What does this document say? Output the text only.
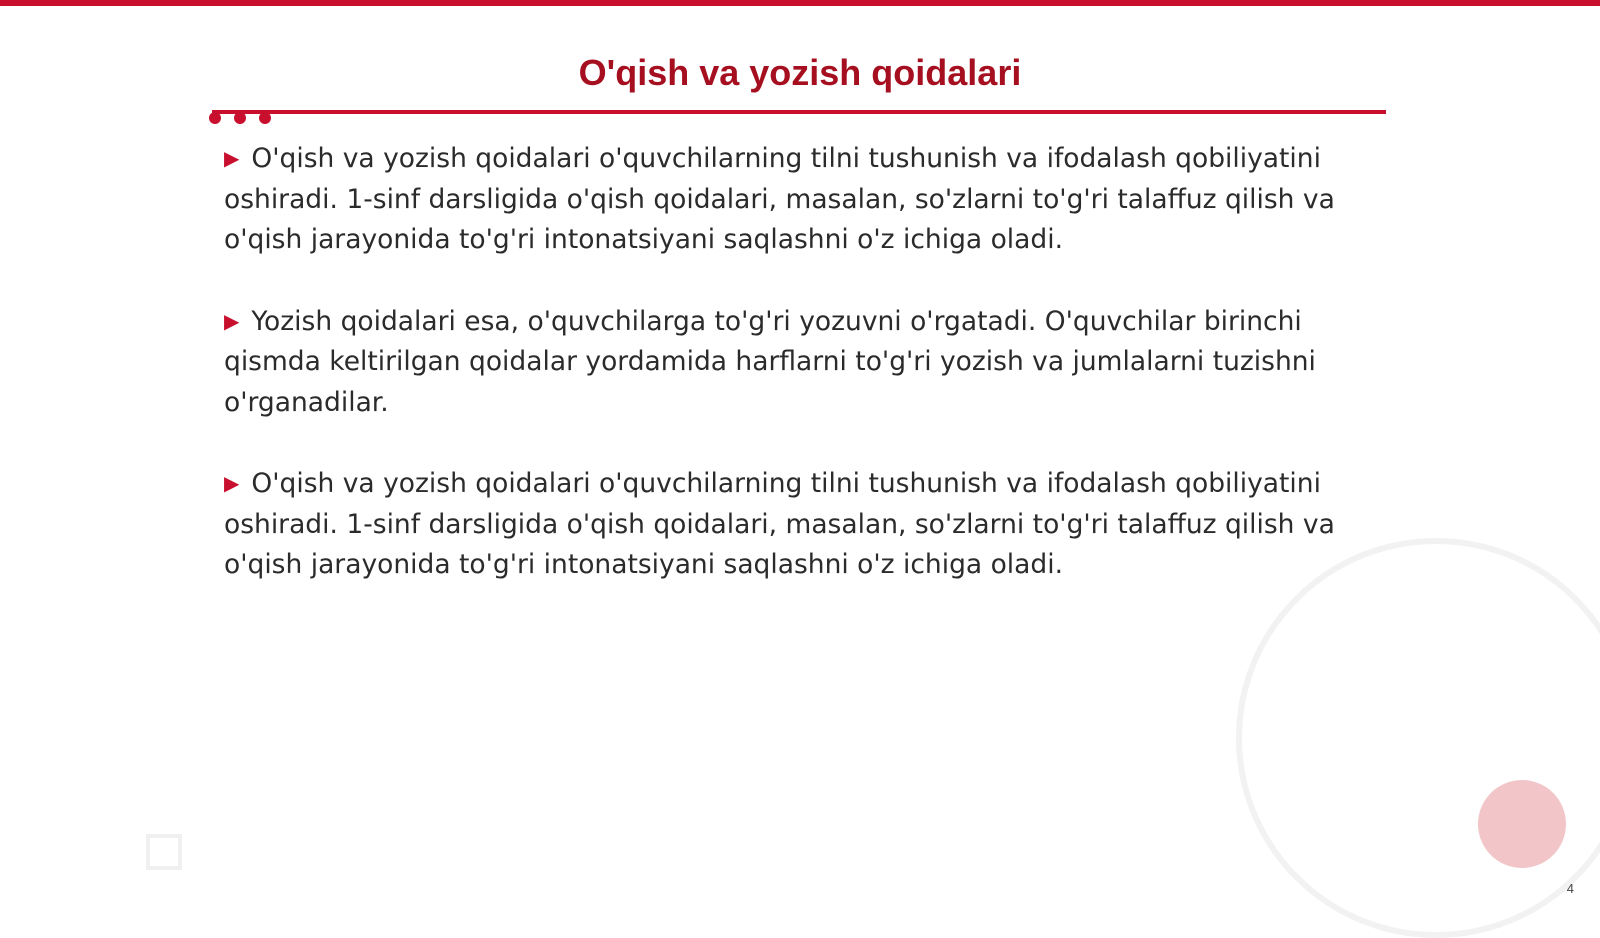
O'qish va yozish qoidalari

▶ O'qish va yozish qoidalari o'quvchilarning tilni tushunish va ifodalash qobiliyatini oshiradi. 1-sinf darsligida o'qish qoidalari, masalan, so'zlarni to'g'ri talaffuz qilish va o'qish jarayonida to'g'ri intonatsiyani saqlashni o'z ichiga oladi.

▶ Yozish qoidalari esa, o'quvchilarga to'g'ri yozuvni o'rgatadi. O'quvchilar birinchi qismda keltirilgan qoidalar yordamida harflarni to'g'ri yozish va jumlalarni tuzishni o'rganadilar.

▶ O'qish va yozish qoidalari o'quvchilarning tilni tushunish va ifodalash qobiliyatini oshiradi. 1-sinf darsligida o'qish qoidalari, masalan, so'zlarni to'g'ri talaffuz qilish va o'qish jarayonida to'g'ri intonatsiyani saqlashni o'z ichiga oladi.

4
